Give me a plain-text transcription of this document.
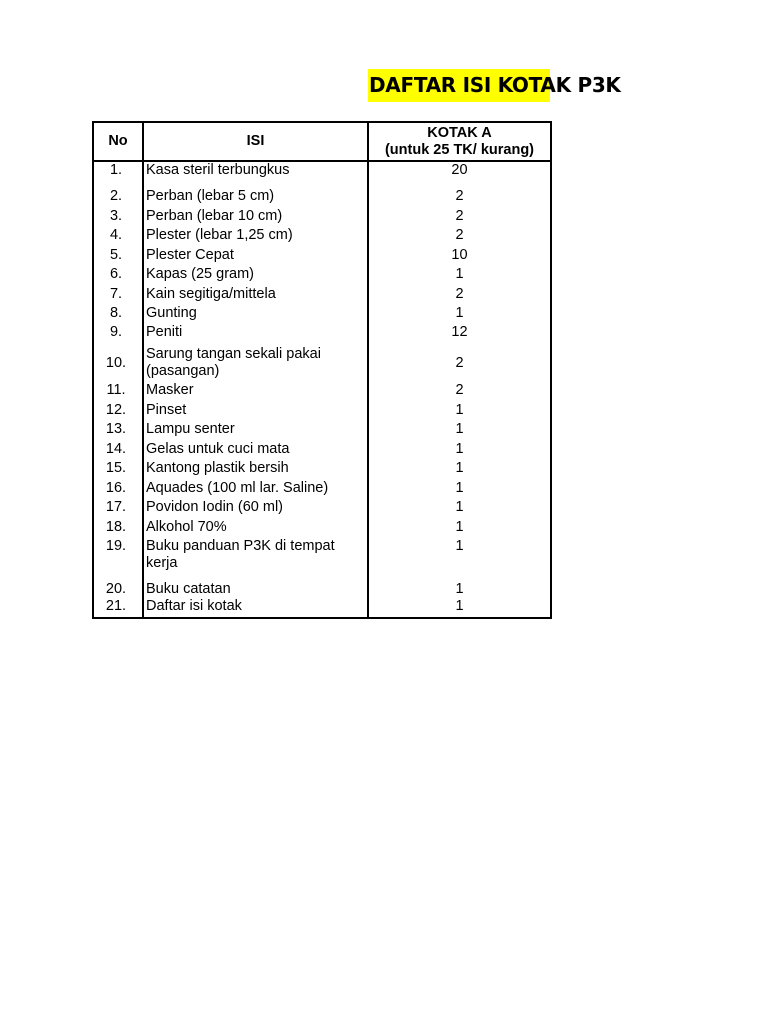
DAFTAR ISI KOTAK P3K
No	ISI	KOTAK A
(untuk 25 TK/ kurang)

1.	Kasa steril terbungkus	20
2.	Perban (lebar 5 cm)	2
3.	Perban (lebar 10 cm)	2
4.	Plester (lebar 1,25 cm)	2
5.	Plester Cepat	10
6.	Kapas (25 gram)	1
7.	Kain segitiga/mittela	2
8.	Gunting	1
9.	Peniti	12
10.	Sarung tangan sekali pakai (pasangan)	2
11.	Masker	2
12.	Pinset	1
13.	Lampu senter	1
14.	Gelas untuk cuci mata	1
15.	Kantong plastik bersih	1
16.	Aquades (100 ml lar. Saline)	1
17.	Povidon Iodin (60 ml)	1
18.	Alkohol 70%	1
19.	Buku panduan P3K di tempat kerja	1
20.	Buku catatan	1
21.	Daftar isi kotak	1
